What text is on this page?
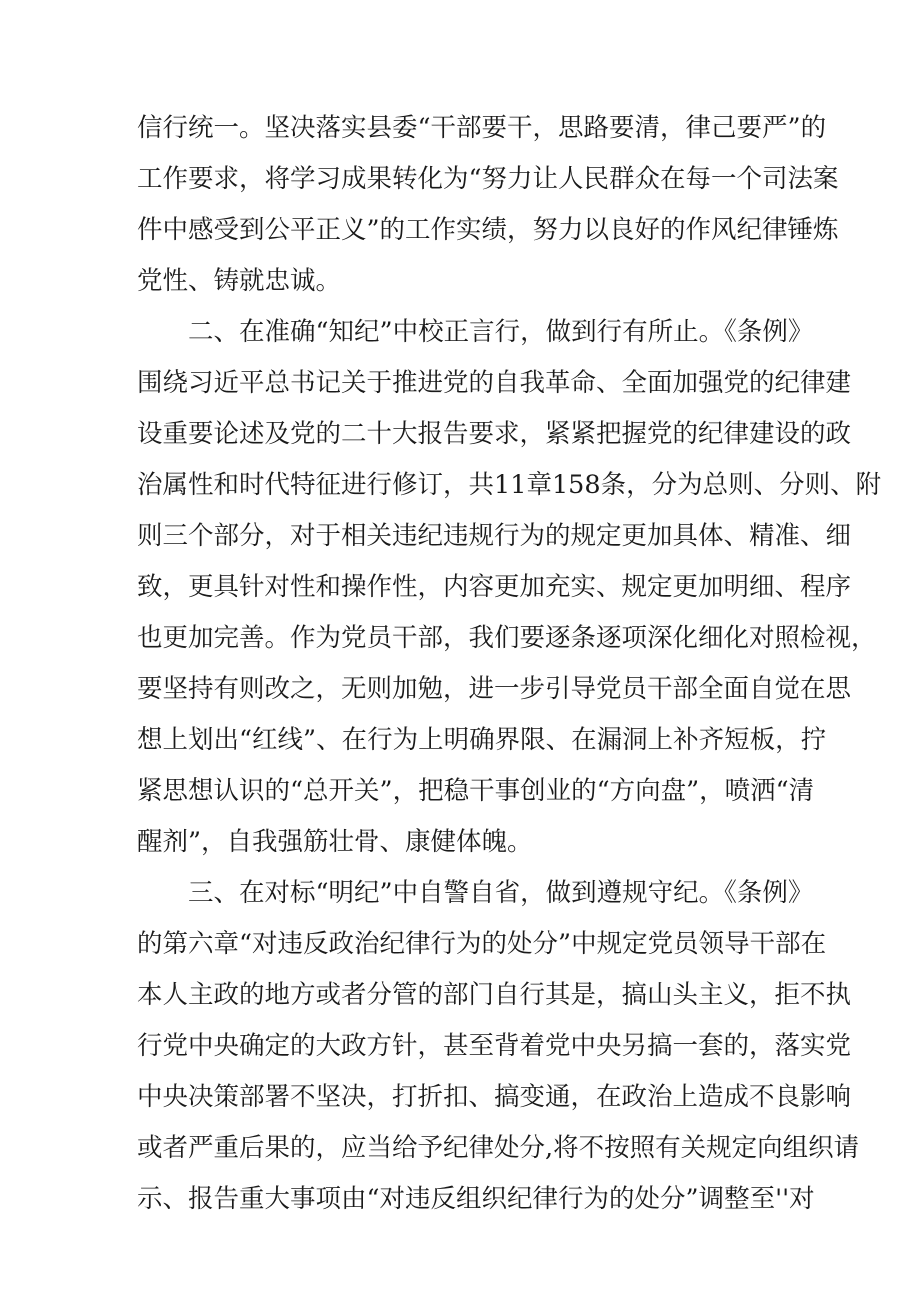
信行统一。坚决落实县委“干部要干，思路要清，律己要严”的
工作要求，将学习成果转化为“努力让人民群众在每一个司法案
件中感受到公平正义”的工作实绩，努力以良好的作风纪律锤炼
党性、铸就忠诚。
二、在准确“知纪”中校正言行，做到行有所止。《条例》
围绕习近平总书记关于推进党的自我革命、全面加强党的纪律建
设重要论述及党的二十大报告要求，紧紧把握党的纪律建设的政
治属性和时代特征进行修订，共11章158条，分为总则、分则、附
则三个部分，对于相关违纪违规行为的规定更加具体、精准、细
致，更具针对性和操作性，内容更加充实、规定更加明细、程序
也更加完善。作为党员干部，我们要逐条逐项深化细化对照检视，
要坚持有则改之，无则加勉，进一步引导党员干部全面自觉在思
想上划出“红线”、在行为上明确界限、在漏洞上补齐短板，拧
紧思想认识的“总开关”，把稳干事创业的“方向盘”，喷洒“清
醒剂”，自我强筋壮骨、康健体魄。
三、在对标“明纪”中自警自省，做到遵规守纪。《条例》
的第六章“对违反政治纪律行为的处分”中规定党员领导干部在
本人主政的地方或者分管的部门自行其是，搞山头主义，拒不执
行党中央确定的大政方针，甚至背着党中央另搞一套的，落实党
中央决策部署不坚决，打折扣、搞变通，在政治上造成不良影响
或者严重后果的，应当给予纪律处分,将不按照有关规定向组织请
示、报告重大事项由“对违反组织纪律行为的处分”调整至''对
